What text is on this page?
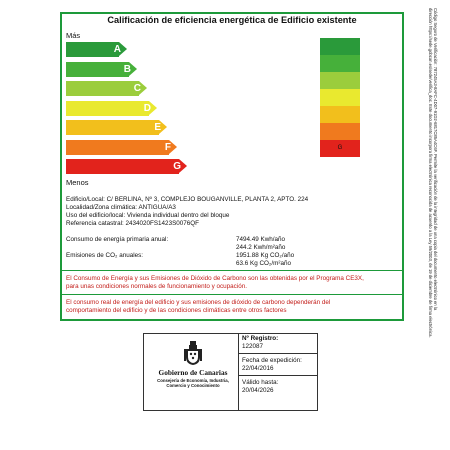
Calificación de eficiencia energética de Edificio existente
Más
Menos
A
B
C
D
E
F
G
G
Edificio/Local: C/ BERLINA, Nº 3, COMPLEJO BOUGANVILLE, PLANTA 2, APTO. 224
Localidad/Zona climática: ANTIGUA/A3
Uso del edificio/local: Vivienda individual dentro del bloque
Referencia catastral: 2434020FS1423S0076QF
Consumo de energía primaria anual:	7494.49 Kwh/año
244.2 Kwh/m²año
Emisiones de CO₂ anuales:	1951.88 Kg CO₂/año
63.6 Kg CO₂/m²año
El Consumo de Energía y sus Emisiones de Dióxido de Carbono son las obtenidas por el Programa CE3X,
para unas condiciones normales de funcionamiento y ocupación.
El consumo real de energía del edificio y sus emisiones de dióxido de carbono dependerán del
comportamiento del edificio y de las condiciones climáticas entre otros factores
Gobierno de Canarias
Consejería de Economía, Industria,
Comercio y Conocimiento
Nº Registro:
122087
Fecha de expedición:
22/04/2016
Válido hasta:
20/04/2026
Código Seguro de Verificación: 787245A3-8AFC-4D07-91D2-6817C85A4C6F. Permite la verificación de la integridad de una copia del documento electrónico en la
dirección https://sede.gobcan.es/sede/verifica_doc. Este documento incorpora firma electrónica reconocida de acuerdo a la Ley 59/2003, de 19 de diciembre de firma electrónica.
